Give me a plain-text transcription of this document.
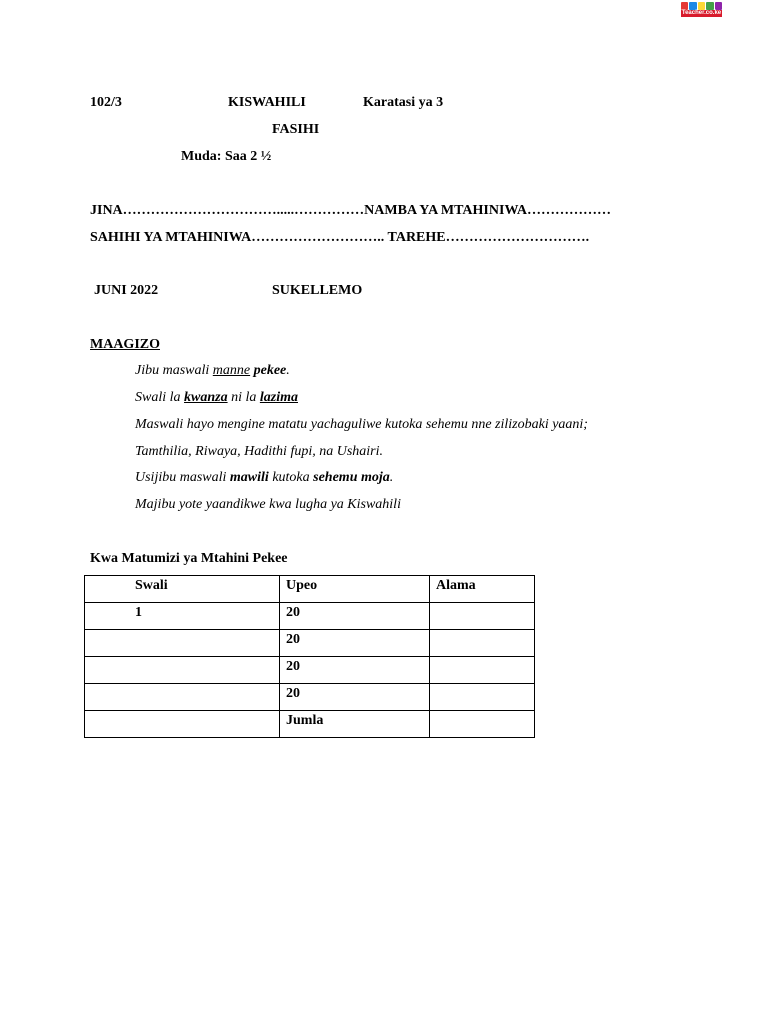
Teacher.co.ke
102/3	KISWAHILI	Karatasi ya 3
FASIHI
Muda: Saa 2 ½
JINA…………………………….....……………NAMBA YA MTAHINIWA………………
SAHIHI YA MTAHINIWA……………………….. TAREHE………………………….
JUNI 2022	SUKELLEMO
MAAGIZO
Jibu maswali manne pekee.
Swali la kwanza ni la lazima
Maswali hayo mengine matatu yachaguliwe kutoka sehemu nne zilizobaki yaani;
Tamthilia, Riwaya, Hadithi fupi, na Ushairi.
Usijibu maswali mawili kutoka sehemu moja.
Majibu yote yaandikwe kwa lugha ya Kiswahili
Kwa Matumizi ya Mtahini Pekee
Swali	Upeo	Alama
1	20	
	20	
	20	
	20	
	Jumla	
